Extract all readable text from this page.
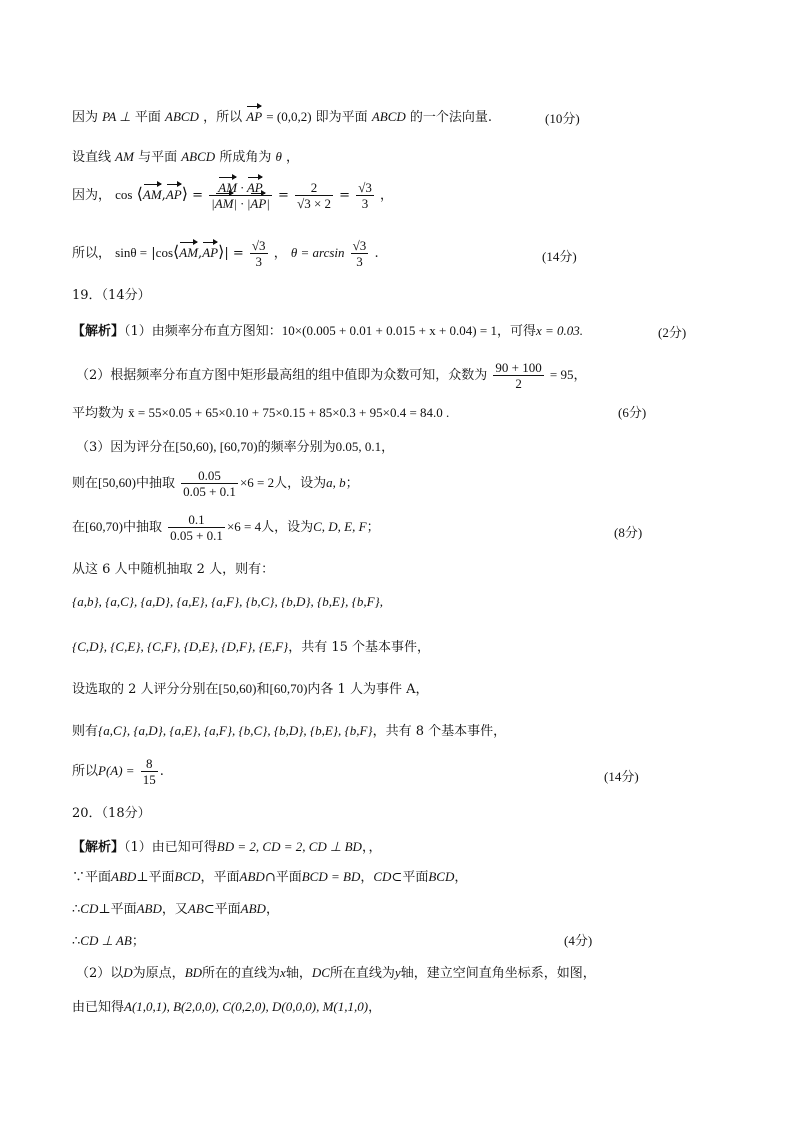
因为 PA ⊥ 平面 ABCD ，所以 AP = (0,0,2) 即为平面 ABCD 的一个法向量.	(10分)
设直线 AM 与平面 ABCD 所成角为 θ ，
因为， cos ⟨AM,AP⟩ = $\frac{AM \cdot AP}{|AM| \cdot |AP|} = \frac{2}{√3 \times 2} = \frac{√3}{3}$ ，
所以， sinθ = |cos⟨AM,AP⟩| = $\frac{√3}{3}$ ， $\theta = \arcsin \frac{√3}{3}$ .	(14分)
19．（14分）
【解析】（1）由频率分布直方图知：10×(0.005 + 0.01 + 0.015 + x + 0.04) = 1，可得x = 0.03.	(2分)
（2）根据频率分布直方图中矩形最高组的组中值即为众数可知，众数为 $\frac{90 + 100}{2} = 95$，
平均数为 x̄ = 55×0.05 + 65×0.10 + 75×0.15 + 85×0.3 + 95×0.4 = 84.0 .	(6分)
（3）因为评分在[50,60), [60,70)的频率分别为0.05, 0.1，
则在[50,60)中抽取 $\frac{0.05}{0.05 + 0.1} \times 6 = 2$人，设为a, b；
在[60,70)中抽取 $\frac{0.1}{0.05 + 0.1} \times 6 = 4$人，设为C, D, E, F；	(8分)
从这 6 人中随机抽取 2 人，则有：
{a,b}, {a,C}, {a,D}, {a,E}, {a,F}, {b,C}, {b,D}, {b,E}, {b,F},
{C,D}, {C,E}, {C,F}, {D,E}, {D,F}, {E,F}，共有 15 个基本事件，
设选取的 2 人评分分别在[50,60)和[60,70)内各 1 人为事件 A，
则有{a,C}, {a,D}, {a,E}, {a,F}, {b,C}, {b,D}, {b,E}, {b,F}，共有 8 个基本事件，
所以$P(A) = \frac{8}{15}$ .	(14分)
20．（18分）
【解析】（1）由已知可得BD = 2, CD = 2, CD ⊥ BD，，
∵平面ABD⊥平面BCD，平面ABD∩平面BCD = BD，CD⊂平面BCD，
∴CD⊥平面ABD，又AB⊂平面ABD，
∴CD ⊥ AB；	(4分)
（2）以D为原点，BD所在的直线为x轴，DC所在直线为y轴，建立空间直角坐标系，如图，
由已知得A(1,0,1), B(2,0,0), C(0,2,0), D(0,0,0), M(1,1,0)，
